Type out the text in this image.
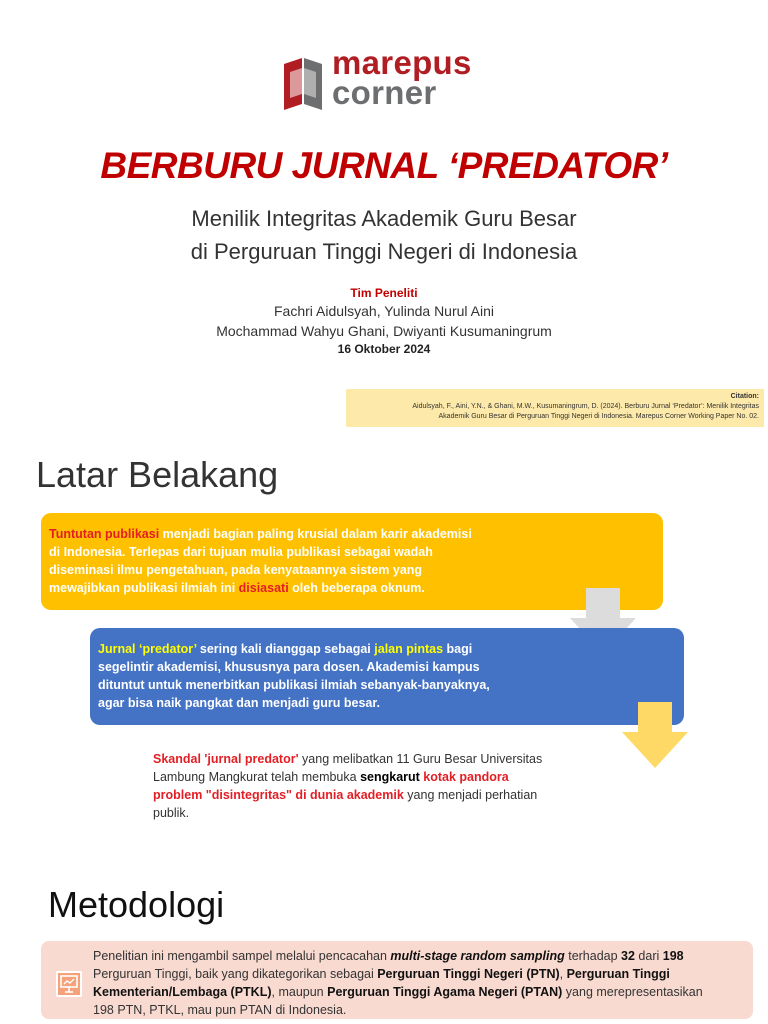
marepus
corner
BERBURU JURNAL ‘PREDATOR’
Menilik Integritas Akademik Guru Besar
di Perguruan Tinggi Negeri di Indonesia
Tim Peneliti
Fachri Aidulsyah, Yulinda Nurul Aini
Mochammad Wahyu Ghani, Dwiyanti Kusumaningrum
16 Oktober 2024
Citation:
Aidulsyah, F., Aini, Y.N., & Ghani, M.W., Kusumaningrum, D. (2024). Berburu Jurnal ‘Predator’: Menilik Integritas
Akademik Guru Besar di Perguruan Tinggi Negeri di Indonesia. Marepus Corner Working Paper No. 02.
Latar Belakang
Tuntutan publikasi menjadi bagian paling krusial dalam karir akademisi
di Indonesia. Terlepas dari tujuan mulia publikasi sebagai wadah
diseminasi ilmu pengetahuan, pada kenyataannya sistem yang
mewajibkan publikasi ilmiah ini disiasati oleh beberapa oknum.
Jurnal ‘predator’ sering kali dianggap sebagai jalan pintas bagi
segelintir akademisi, khususnya para dosen. Akademisi kampus
dituntut untuk menerbitkan publikasi ilmiah sebanyak-banyaknya,
agar bisa naik pangkat dan menjadi guru besar.
Skandal 'jurnal predator' yang melibatkan 11 Guru Besar Universitas
Lambung Mangkurat telah membuka sengkarut kotak pandora
problem "disintegritas" di dunia akademik yang menjadi perhatian
publik.
Metodologi
Penelitian ini mengambil sampel melalui pencacahan multi-stage random sampling terhadap 32 dari 198
Perguruan Tinggi, baik yang dikategorikan sebagai Perguruan Tinggi Negeri (PTN), Perguruan Tinggi
Kementerian/Lembaga (PTKL), maupun Perguruan Tinggi Agama Negeri (PTAN) yang merepresentasikan
198 PTN, PTKL, mau pun PTAN di Indonesia.
